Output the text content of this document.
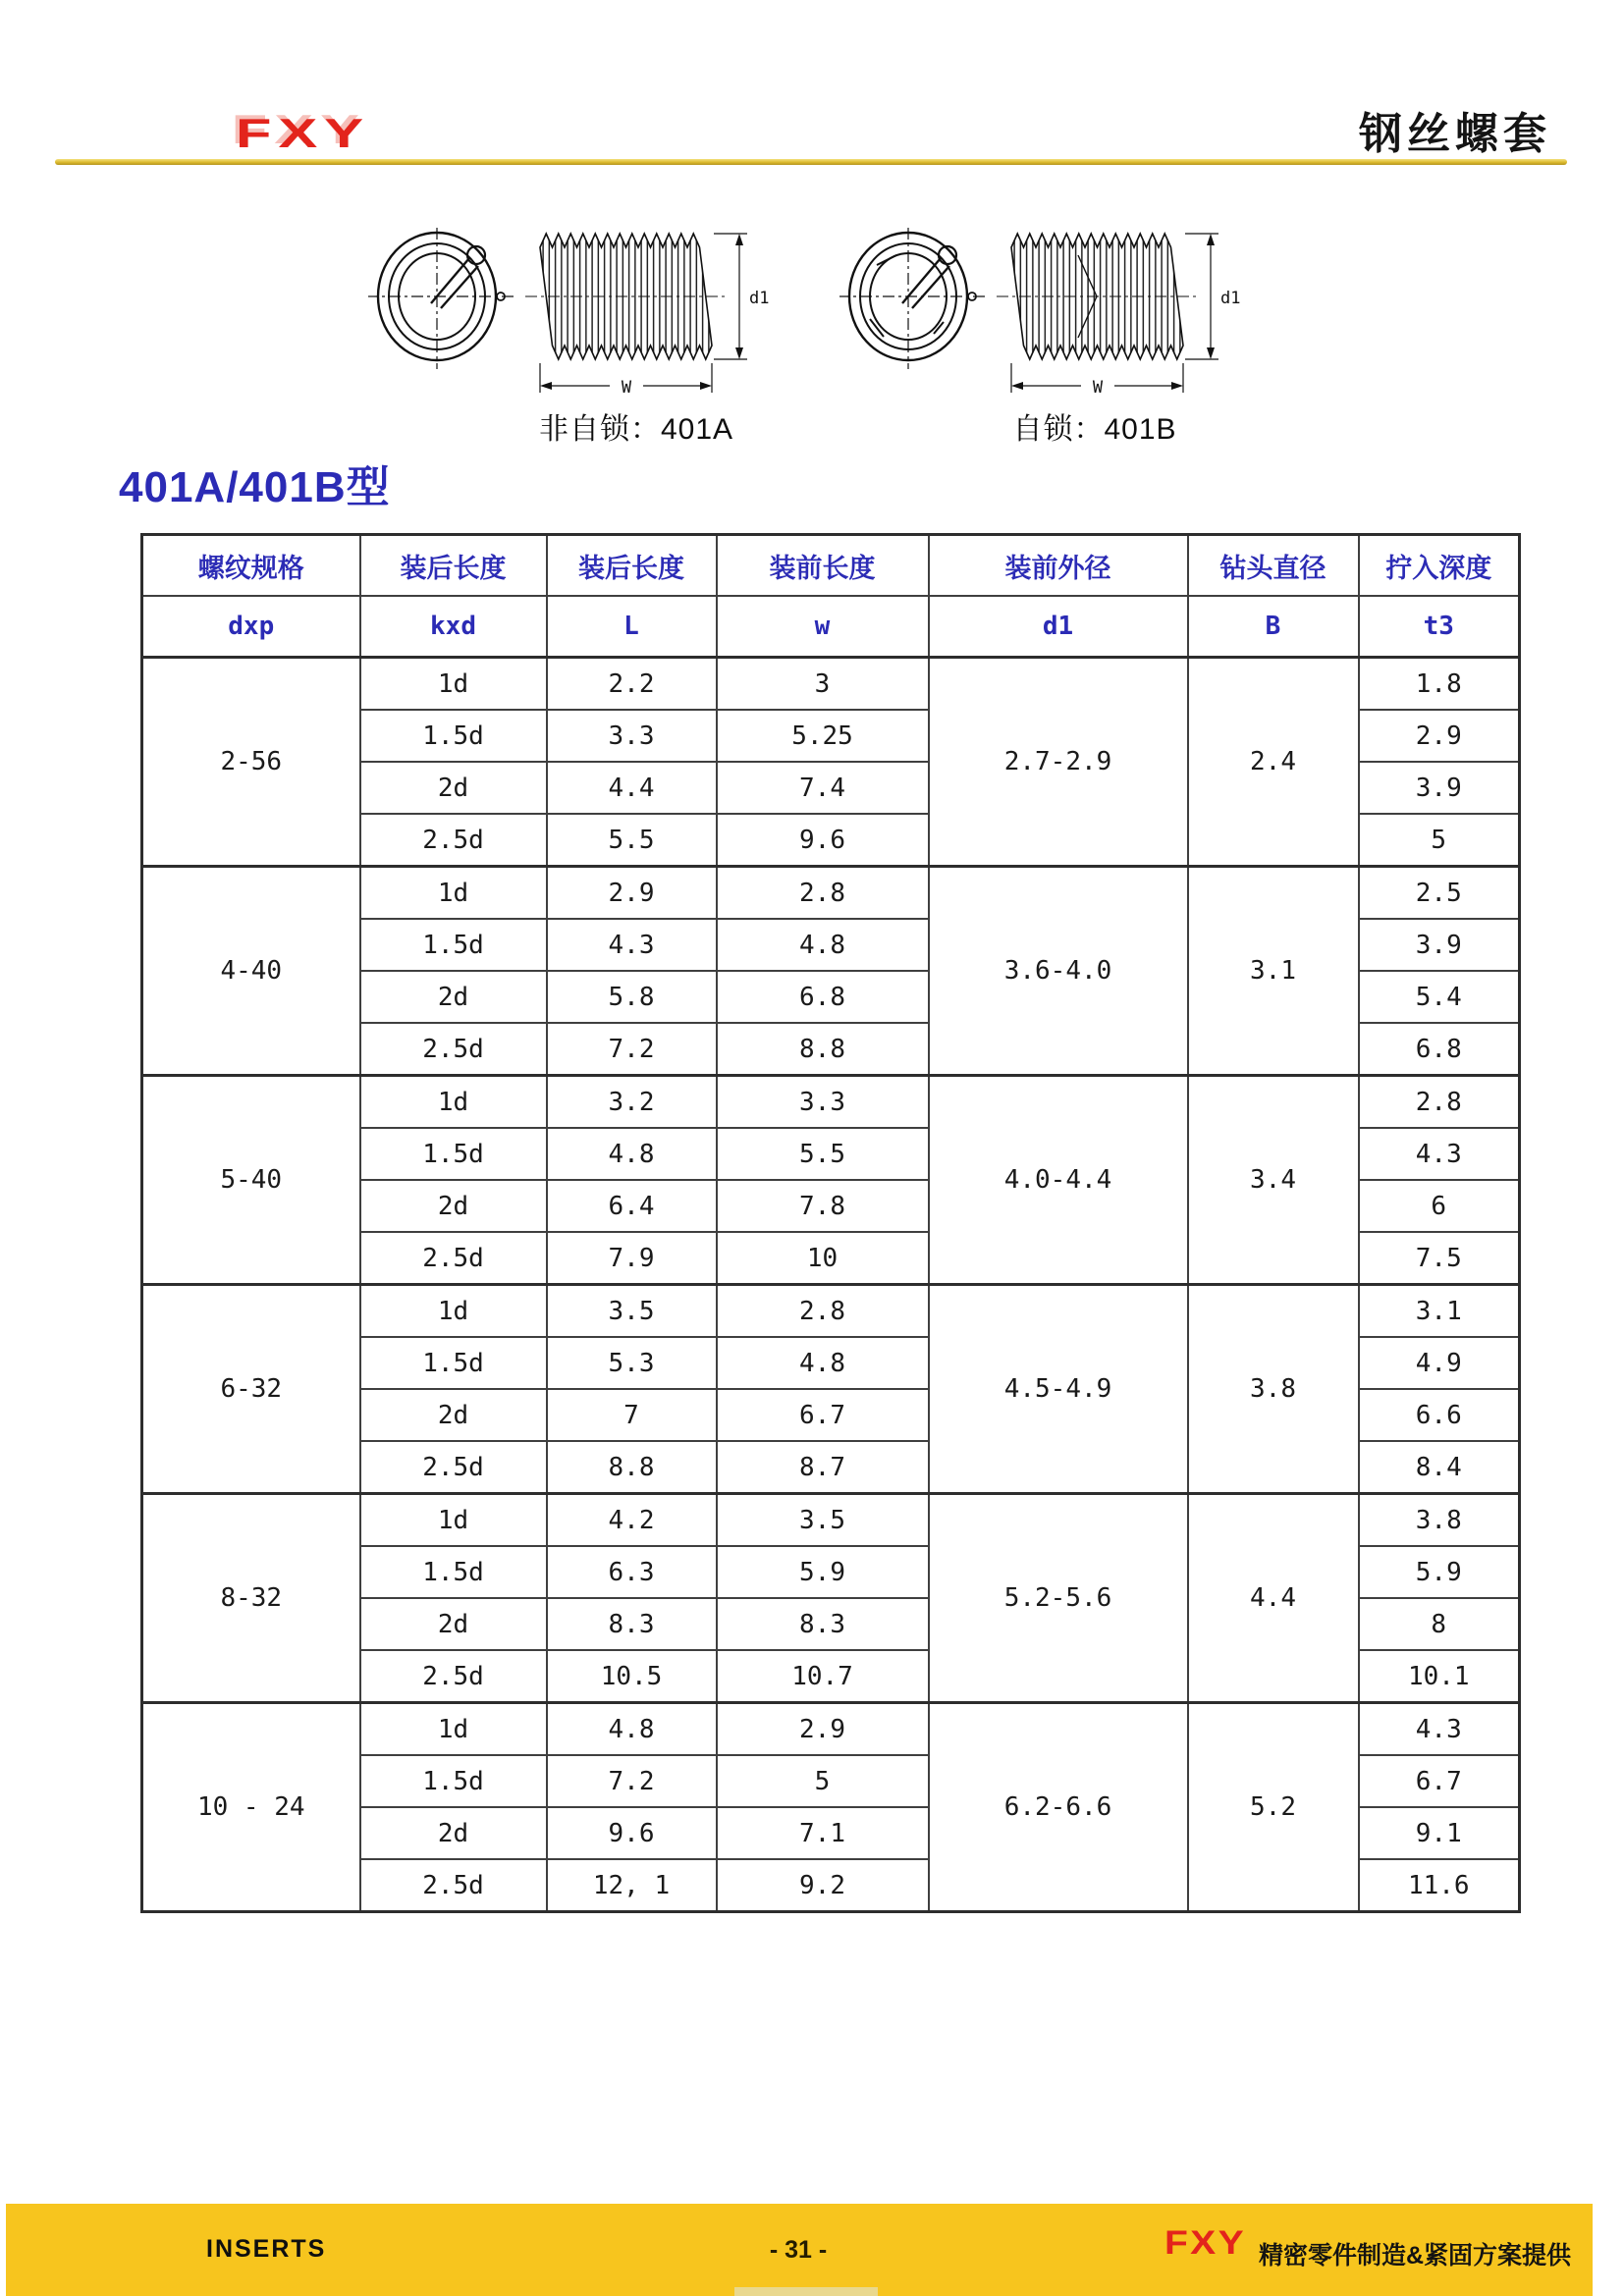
FXY	钢丝螺套
d1
W
d1
W
非自锁：401A	自锁：401B
401A/401B型
螺纹规格	装后长度	装后长度	装前长度	装前外径	钻头直径	拧入深度
dxp	kxd	L	w	d1	B	t3
2-56	1d	2.2	3	2.7-2.9	2.4	1.8
	1.5d	3.3	5.25			2.9
	2d	4.4	7.4			3.9
	2.5d	5.5	9.6			5
4-40	1d	2.9	2.8	3.6-4.0	3.1	2.5
	1.5d	4.3	4.8			3.9
	2d	5.8	6.8			5.4
	2.5d	7.2	8.8			6.8
5-40	1d	3.2	3.3	4.0-4.4	3.4	2.8
	1.5d	4.8	5.5			4.3
	2d	6.4	7.8			6
	2.5d	7.9	10			7.5
6-32	1d	3.5	2.8	4.5-4.9	3.8	3.1
	1.5d	5.3	4.8			4.9
	2d	7	6.7			6.6
	2.5d	8.8	8.7			8.4
8-32	1d	4.2	3.5	5.2-5.6	4.4	3.8
	1.5d	6.3	5.9			5.9
	2d	8.3	8.3			8
	2.5d	10.5	10.7			10.1
10 - 24	1d	4.8	2.9	6.2-6.6	5.2	4.3
	1.5d	7.2	5			6.7
	2d	9.6	7.1			9.1
	2.5d	12, 1	9.2			11.6
INSERTS	- 31 -	FXY 精密零件制造&紧固方案提供
